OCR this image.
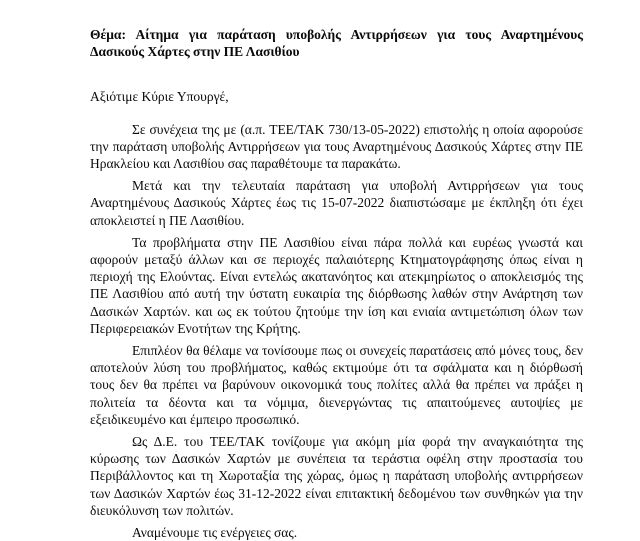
Θέμα: Αίτημα για παράταση υποβολής Αντιρρήσεων για τους Αναρτημένους Δασικούς Χάρτες στην ΠΕ Λασιθίου

Αξιότιμε Κύριε Υπουργέ,

Σε συνέχεια της με (α.π. ΤΕΕ/ΤΑΚ 730/13-05-2022) επιστολής η οποία αφορούσε την παράταση υποβολής Αντιρρήσεων για τους Αναρτημένους Δασικούς Χάρτες στην ΠΕ Ηρακλείου και Λασιθίου σας παραθέτουμε τα παρακάτω.

Μετά και την τελευταία παράταση για υποβολή Αντιρρήσεων για τους Αναρτημένους Δασικούς Χάρτες έως τις 15-07-2022 διαπιστώσαμε με έκπληξη ότι έχει αποκλειστεί η ΠΕ Λασιθίου.

Τα προβλήματα στην ΠΕ Λασιθίου είναι πάρα πολλά και ευρέως γνωστά και αφορούν μεταξύ άλλων και σε περιοχές παλαιότερης Κτηματογράφησης όπως είναι η περιοχή της Ελούντας. Είναι εντελώς ακατανόητος και ατεκμηρίωτος ο αποκλεισμός της ΠΕ Λασιθίου από αυτή την ύστατη ευκαιρία της διόρθωσης λαθών στην Ανάρτηση των Δασικών Χαρτών. και ως εκ τούτου ζητούμε την ίση και ενιαία αντιμετώπιση όλων των Περιφερειακών Ενοτήτων της Κρήτης.

Επιπλέον θα θέλαμε να τονίσουμε πως οι συνεχείς παρατάσεις από μόνες τους, δεν αποτελούν λύση του προβλήματος, καθώς εκτιμούμε ότι τα σφάλματα και η διόρθωσή τους δεν θα πρέπει να βαρύνουν οικονομικά τους πολίτες αλλά θα πρέπει να πράξει η πολιτεία τα δέοντα και τα νόμιμα, διενεργώντας τις απαιτούμενες αυτοψίες με εξειδικευμένο και έμπειρο προσωπικό.

Ως Δ.Ε. του ΤΕΕ/ΤΑΚ τονίζουμε για ακόμη μία φορά την αναγκαιότητα της κύρωσης των Δασικών Χαρτών με συνέπεια τα τεράστια οφέλη στην προστασία του Περιβάλλοντος και τη Χωροταξία της χώρας, όμως η παράταση υποβολής αντιρρήσεων των Δασικών Χαρτών έως 31-12-2022 είναι επιτακτική δεδομένου των συνθηκών για την διευκόλυνση των πολιτών.

Αναμένουμε τις ενέργειες σας.
